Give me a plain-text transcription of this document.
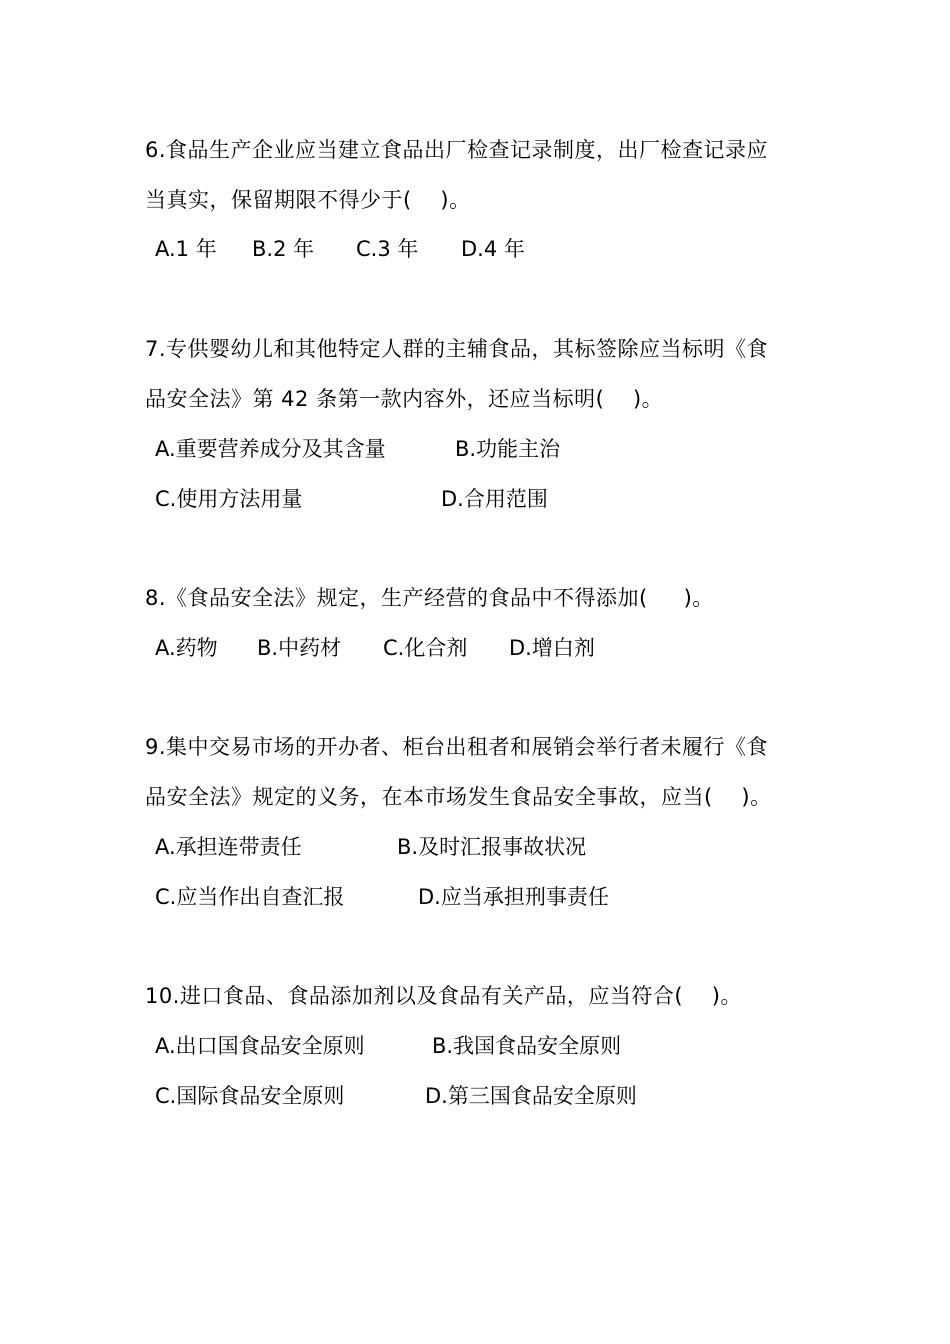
6.食品生产企业应当建立食品出厂检查记录制度，出厂检查记录应
当真实，保留期限不得少于(    )。
A.1 年 B.2 年 C.3 年 D.4 年
7.专供婴幼儿和其他特定人群的主辅食品，其标签除应当标明《食
品安全法》第 42 条第一款内容外，还应当标明(    )。
A.重要营养成分及其含量	B.功能主治
C.使用方法用量	D.合用范围
8.《食品安全法》规定，生产经营的食品中不得添加(     )。
A.药物 B.中药材 C.化合剂 D.增白剂
9.集中交易市场的开办者、柜台出租者和展销会举行者未履行《食
品安全法》规定的义务，在本市场发生食品安全事故，应当(    )。
A.承担连带责任	B.及时汇报事故状况
C.应当作出自查汇报	D.应当承担刑事责任
10.进口食品、食品添加剂以及食品有关产品，应当符合(    )。
A.出口国食品安全原则	B.我国食品安全原则
C.国际食品安全原则	D.第三国食品安全原则
